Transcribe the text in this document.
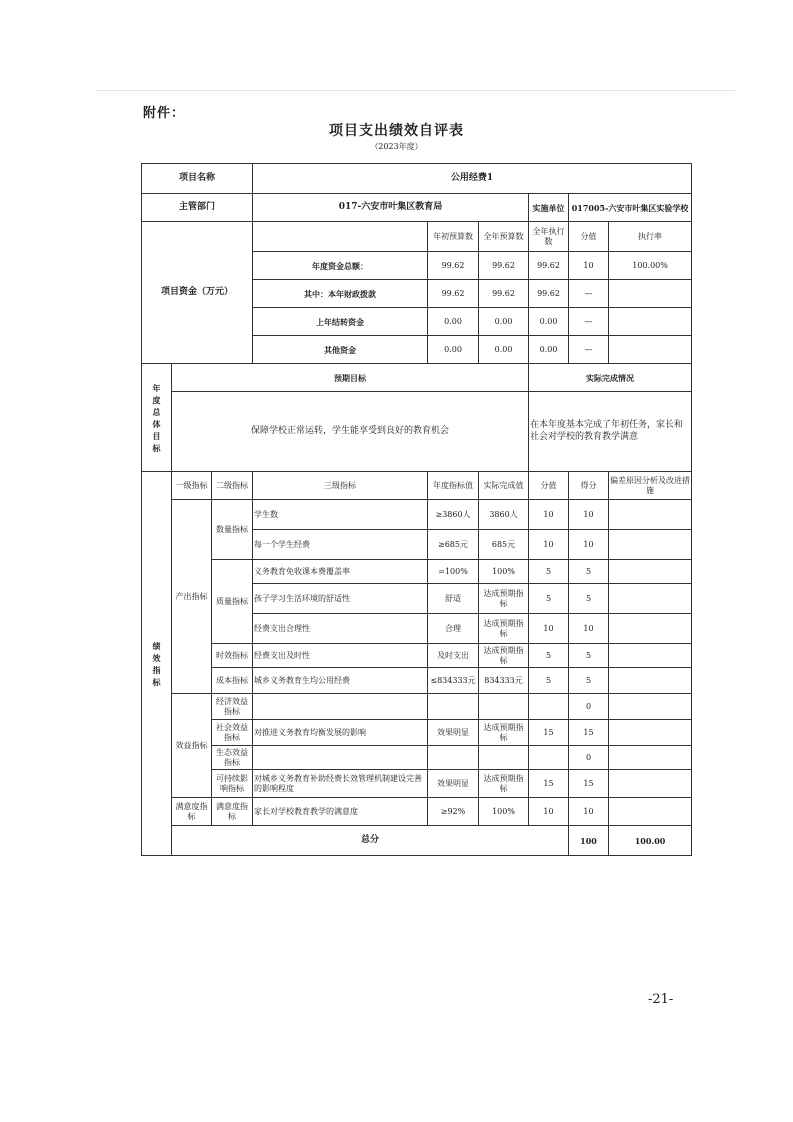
附件：
项目支出绩效自评表
（2023年度）
项目名称			公用经费1						
主管部门			017-六安市叶集区教育局			实施单位	017005-六安市叶集区实验学校		
项目资金（万元）				年初预算数	全年预算数	全年执行数	分值	执行率	
			年度资金总额：	99.62	99.62	99.62	10	100.00%	
			其中：本年财政拨款	99.62	99.62	99.62	—		
			上年结转资金	0.00	0.00	0.00	—		
			其他资金	0.00	0.00	0.00	—		
年度总体目标	预期目标					实际完成情况			
	保障学校正常运转，学生能享受到良好的教育机会					在本年度基本完成了年初任务，家长和社会对学校的教育教学满意			
绩效指标	一级指标	二级指标	三级指标	年度指标值	实际完成值	分值	得分	偏差原因分析及改进措施	
	产出指标	数量指标	学生数	≥3860人	3860人	10	10		
			每一个学生经费	≥685元	685元	10	10		
		质量指标	义务教育免收课本费覆盖率	=100%	100%	5	5		
			孩子学习生活环境的舒适性	舒适	达成预期指标	5	5		
			经费支出合理性	合理	达成预期指标	10	10		
		时效指标	经费支出及时性	及时支出	达成预期指标	5	5		
		成本指标	城乡义务教育生均公用经费	≤834333元	834333元	5	5		
	效益指标	经济效益指标					0		
		社会效益指标	对推进义务教育均衡发展的影响	效果明显	达成预期指标	15	15		
		生态效益指标					0		
		可持续影响指标	对城乡义务教育补助经费长效管理机制建设完善的影响程度	效果明显	达成预期指标	15	15		
	满意度指标	满意度指标	家长对学校教育教学的满意度	≥92%	100%	10	10		
	总分						100	100.00	
-21-
